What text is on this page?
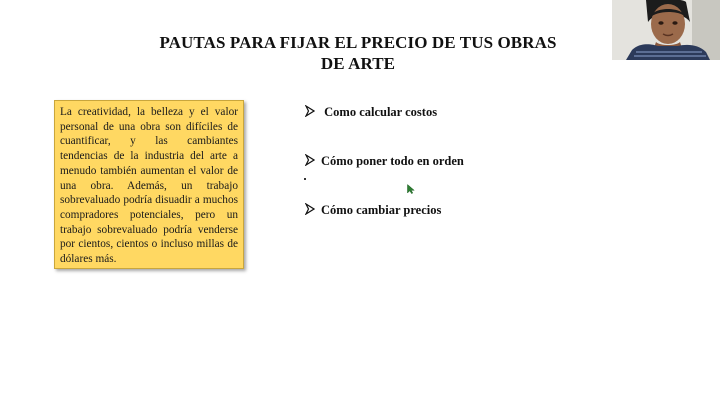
PAUTAS PARA FIJAR EL PRECIO DE TUS OBRAS
DE ARTE
La creatividad, la belleza y el valor personal de una obra son difíciles de cuantificar, y las cambiantes tendencias de la industria del arte a menudo también aumentan el valor de una obra. Además, un trabajo sobrevaluado podría disuadir a muchos compradores potenciales, pero un trabajo sobrevaluado podría venderse por cientos, cientos o incluso millas de dólares más.
Como calcular costos
Cómo poner todo en orden
Cómo cambiar precios
